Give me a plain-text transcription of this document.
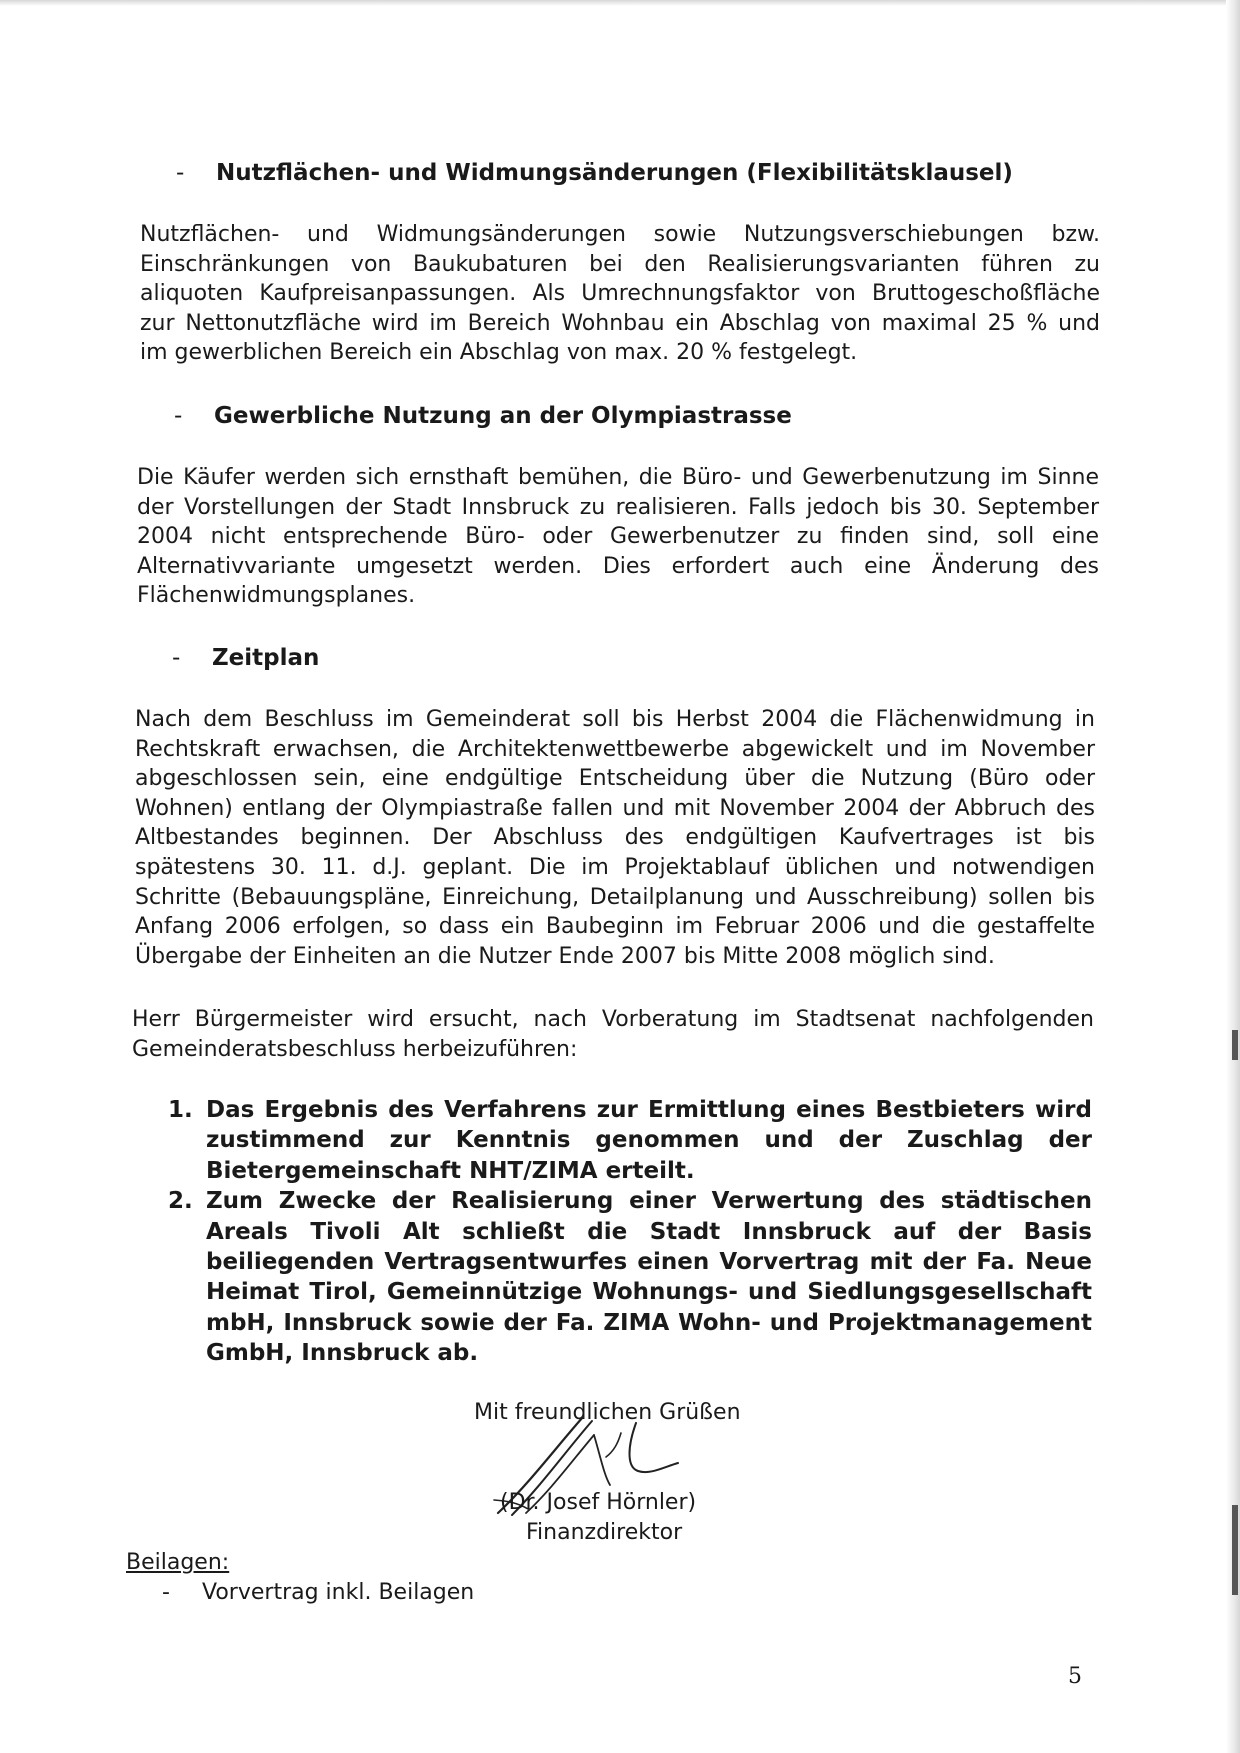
- Nutzflächen- und Widmungsänderungen (Flexibilitätsklausel)
Nutzflächen- und Widmungsänderungen sowie Nutzungsverschiebungen bzw.
Einschränkungen von Baukubaturen bei den Realisierungsvarianten führen zu
aliquoten Kaufpreisanpassungen. Als Umrechnungsfaktor von Bruttogeschoßfläche
zur Nettonutzfläche wird im Bereich Wohnbau ein Abschlag von maximal 25 % und
im gewerblichen Bereich ein Abschlag von max. 20 % festgelegt.
- Gewerbliche Nutzung an der Olympiastrasse
Die Käufer werden sich ernsthaft bemühen, die Büro- und Gewerbenutzung im Sinne
der Vorstellungen der Stadt Innsbruck zu realisieren. Falls jedoch bis 30. September
2004 nicht entsprechende Büro- oder Gewerbenutzer zu finden sind, soll eine
Alternativvariante umgesetzt werden. Dies erfordert auch eine Änderung des
Flächenwidmungsplanes.
- Zeitplan
Nach dem Beschluss im Gemeinderat soll bis Herbst 2004 die Flächenwidmung in
Rechtskraft erwachsen, die Architektenwettbewerbe abgewickelt und im November
abgeschlossen sein, eine endgültige Entscheidung über die Nutzung (Büro oder
Wohnen) entlang der Olympiastraße fallen und mit November 2004 der Abbruch des
Altbestandes beginnen. Der Abschluss des endgültigen Kaufvertrages ist bis
spätestens 30. 11. d.J. geplant. Die im Projektablauf üblichen und notwendigen
Schritte (Bebauungspläne, Einreichung, Detailplanung und Ausschreibung) sollen bis
Anfang 2006 erfolgen, so dass ein Baubeginn im Februar 2006 und die gestaffelte
Übergabe der Einheiten an die Nutzer Ende 2007 bis Mitte 2008 möglich sind.
Herr Bürgermeister wird ersucht, nach Vorberatung im Stadtsenat nachfolgenden
Gemeinderatsbeschluss herbeizuführen:
1. Das Ergebnis des Verfahrens zur Ermittlung eines Bestbieters wird
zustimmend zur Kenntnis genommen und der Zuschlag der
Bietergemeinschaft NHT/ZIMA erteilt.
2. Zum Zwecke der Realisierung einer Verwertung des städtischen
Areals Tivoli Alt schließt die Stadt Innsbruck auf der Basis
beiliegenden Vertragsentwurfes einen Vorvertrag mit der Fa. Neue
Heimat Tirol, Gemeinnützige Wohnungs- und Siedlungsgesellschaft
mbH, Innsbruck sowie der Fa. ZIMA Wohn- und Projektmanagement
GmbH, Innsbruck ab.
Mit freundlichen Grüßen
(Dr. Josef Hörnler)
Finanzdirektor
Beilagen:
- Vorvertrag inkl. Beilagen
5
